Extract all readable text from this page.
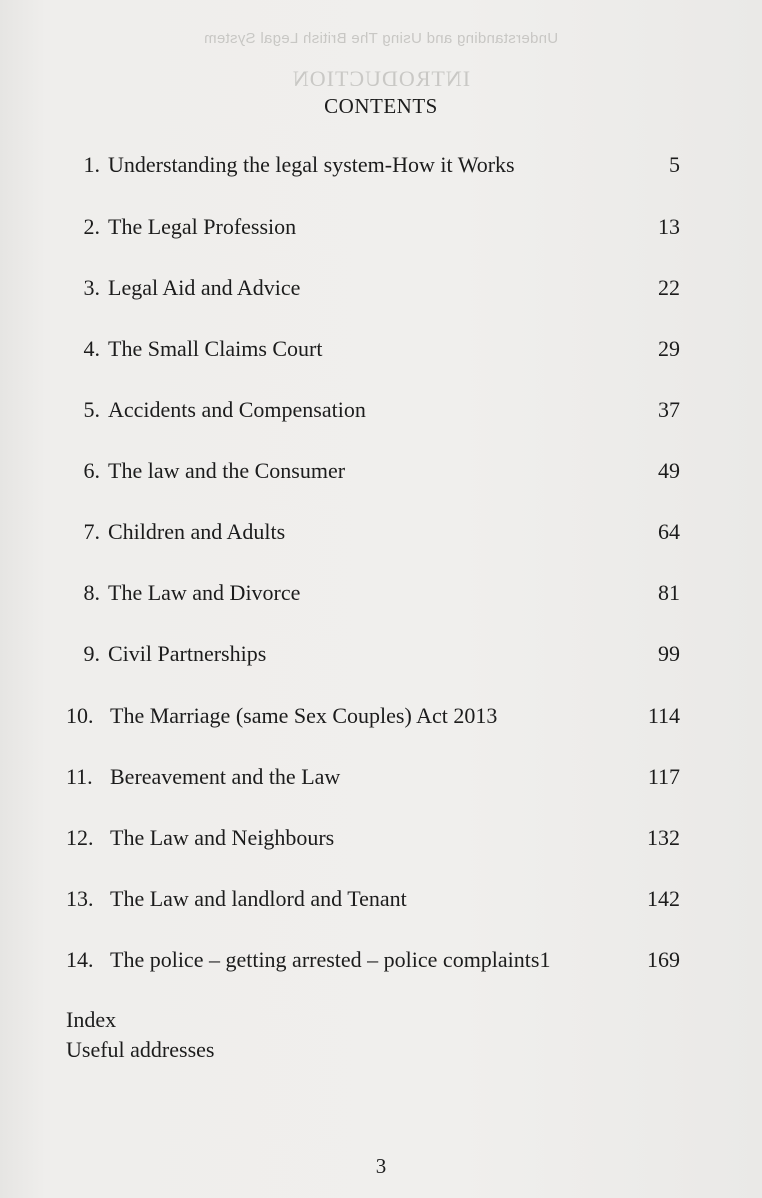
Understanding and Using The British Legal System
INTRODUCTION
CONTENTS
1. Understanding the legal system-How it Works	5
2. The Legal Profession	13
3. Legal Aid and Advice	22
4. The Small Claims Court	29
5. Accidents and Compensation	37
6. The law and the Consumer	49
7. Children and Adults	64
8. The Law and Divorce	81
9. Civil Partnerships	99
10. The Marriage (same Sex Couples) Act 2013	114
11. Bereavement and the Law	117
12. The Law and Neighbours	132
13. The Law and landlord and Tenant	142
14. The police – getting arrested – police complaints1	169
Index
Useful addresses
3
